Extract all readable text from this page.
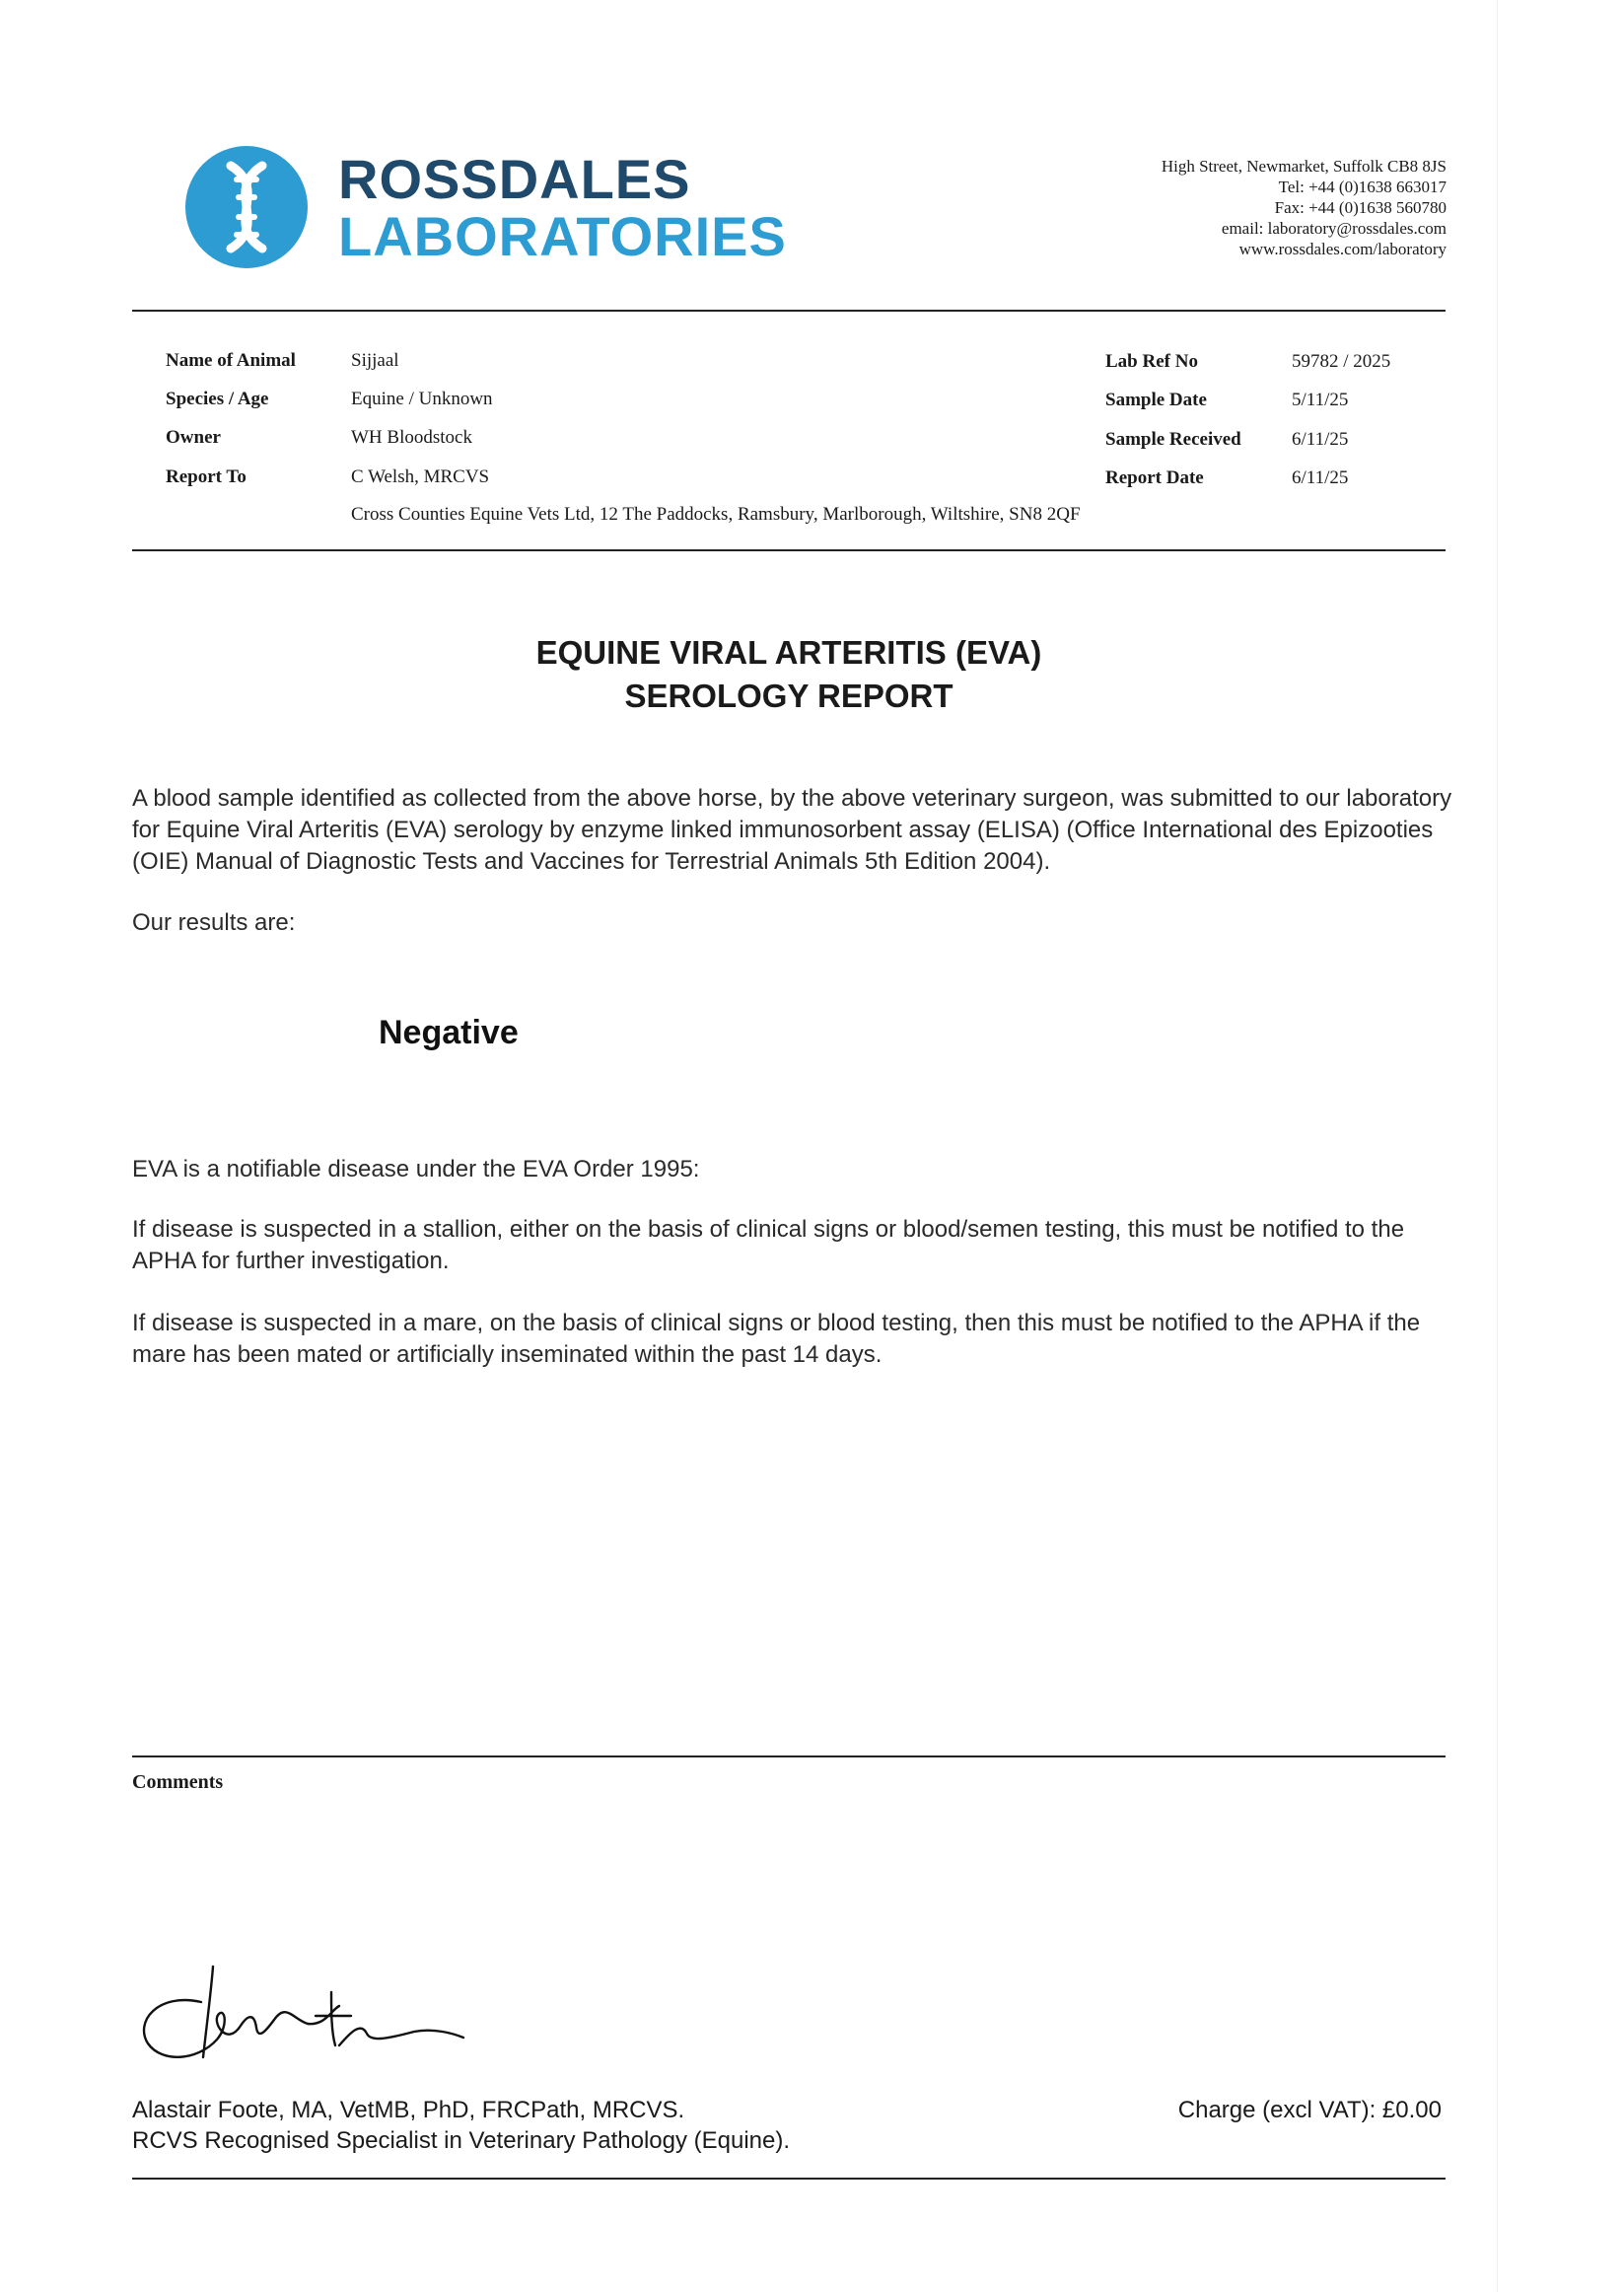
ROSSDALES
LABORATORIES
High Street, Newmarket, Suffolk CB8 8JS
Tel: +44 (0)1638 663017
Fax: +44 (0)1638 560780
email: laboratory@rossdales.com
www.rossdales.com/laboratory
Name of Animal	Sijjaal
Species / Age	Equine / Unknown
Owner	WH Bloodstock
Report To	C Welsh, MRCVS
Cross Counties Equine Vets Ltd, 12 The Paddocks, Ramsbury, Marlborough, Wiltshire, SN8 2QF
Lab Ref No	59782 / 2025
Sample Date	5/11/25
Sample Received	6/11/25
Report Date	6/11/25
EQUINE VIRAL ARTERITIS (EVA)
SEROLOGY REPORT
A blood sample identified as collected from the above horse, by the above veterinary surgeon, was submitted to our laboratory for Equine Viral Arteritis (EVA) serology by enzyme linked immunosorbent assay (ELISA) (Office International des Epizooties (OIE) Manual of Diagnostic Tests and Vaccines for Terrestrial Animals 5th Edition 2004).
Our results are:
Negative
EVA is a notifiable disease under the EVA Order 1995:
If disease is suspected in a stallion, either on the basis of clinical signs or blood/semen testing, this must be notified to the APHA for further investigation.
If disease is suspected in a mare, on the basis of clinical signs or blood testing, then this must be notified to the APHA if the mare has been mated or artificially inseminated within the past 14 days.
Comments
Alastair Foote, MA, VetMB, PhD, FRCPath, MRCVS.
RCVS Recognised Specialist in Veterinary Pathology (Equine).
Charge (excl VAT): £0.00
